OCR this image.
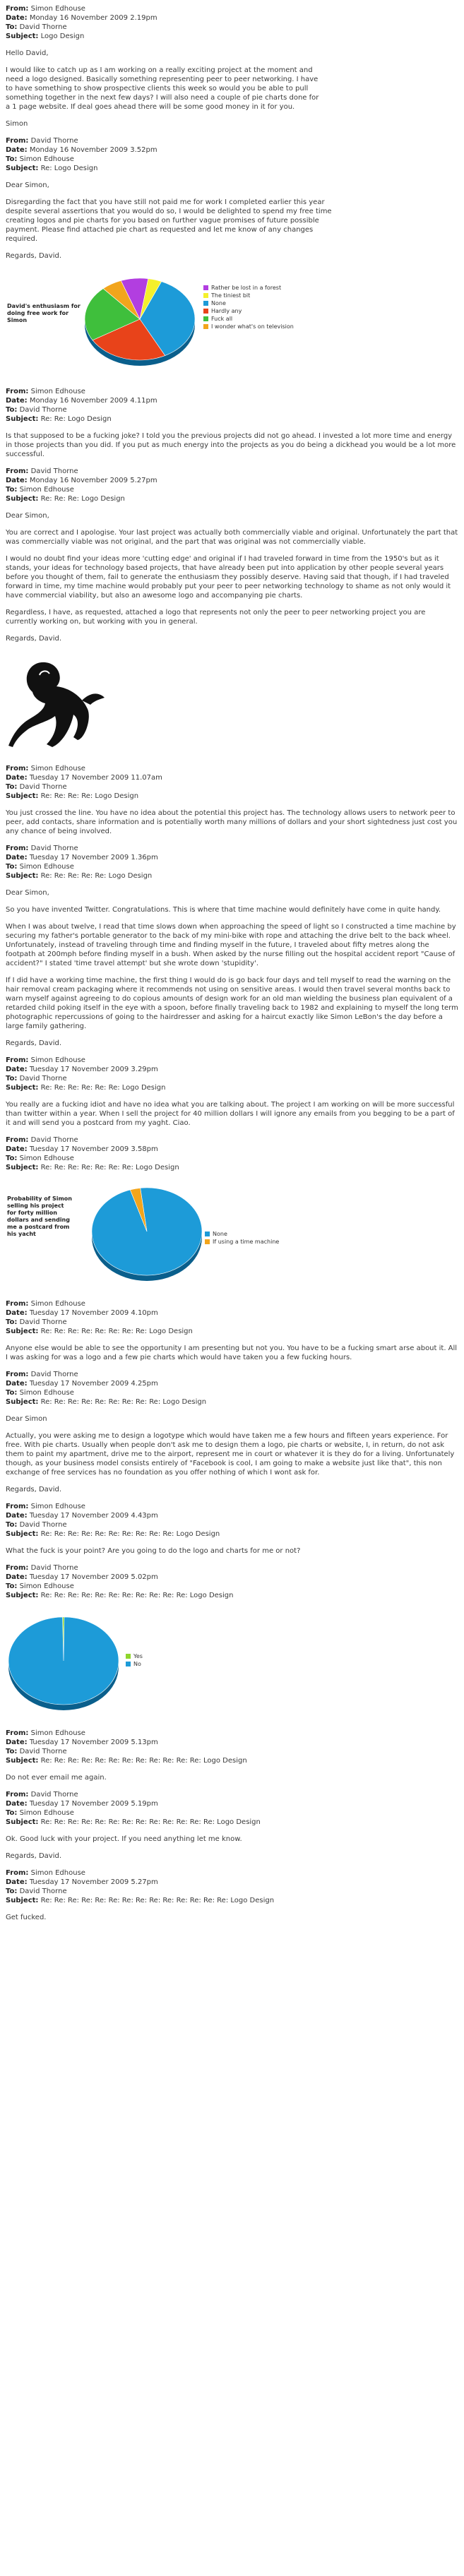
From: Simon Edhouse
Date: Monday 16 November 2009 2.19pm
To: David Thorne
Subject: Logo Design

Hello David,

I would like to catch up as I am working on a really exciting project at the moment and need a logo designed. Basically something representing peer to peer networking. I have to have something to show prospective clients this week so would you be able to pull something together in the next few days? I will also need a couple of pie charts done for a 1 page website. If deal goes ahead there will be some good money in it for you.

Simon

From: David Thorne
Date: Monday 16 November 2009 3.52pm
To: Simon Edhouse
Subject: Re: Logo Design

Dear Simon,

Disregarding the fact that you have still not paid me for work I completed earlier this year despite several assertions that you would do so, I would be delighted to spend my free time creating logos and pie charts for you based on further vague promises of future possible payment. Please find attached pie chart as requested and let me know of any changes required.

Regards, David.

Rather be lost in a forest
The tiniest bit
None
Hardly any
Fuck all
I wonder what's on television
David's enthusiasm for doing free work for Simon
From: Simon Edhouse
Date: Monday 16 November 2009 4.11pm
To: David Thorne
Subject: Re: Re: Logo Design

Is that supposed to be a fucking joke? I told you the previous projects did not go ahead. I invested a lot more time and energy in those projects than you did. If you put as much energy into the projects as you do being a dickhead you would be a lot more successful.

From: David Thorne
Date: Monday 16 November 2009 5.27pm
To: Simon Edhouse
Subject: Re: Re: Re: Logo Design

Dear Simon,

You are correct and I apologise. Your last project was actually both commercially viable and original. Unfortunately the part that was commercially viable was not original, and the part that was original was not commercially viable.

I would no doubt find your ideas more 'cutting edge' and original if I had traveled forward in time from the 1950's but as it stands, your ideas for technology based projects, that have already been put into application by other people several years before you thought of them, fail to generate the enthusiasm they possibly deserve. Having said that though, if I had traveled forward in time, my time machine would probably put your peer to peer networking technology to shame as not only would it have commercial viability, but also an awesome logo and accompanying pie charts.

Regardless, I have, as requested, attached a logo that represents not only the peer to peer networking project you are currently working on, but working with you in general.

Regards, David.

From: Simon Edhouse
Date: Tuesday 17 November 2009 11.07am
To: David Thorne
Subject: Re: Re: Re: Re: Logo Design

You just crossed the line. You have no idea about the potential this project has. The technology allows users to network peer to peer, add contacts, share information and is potentially worth many millions of dollars and your short sightedness just cost you any chance of being involved.

From: David Thorne
Date: Tuesday 17 November 2009 1.36pm
To: Simon Edhouse
Subject: Re: Re: Re: Re: Re: Logo Design

Dear Simon,

So you have invented Twitter. Congratulations. This is where that time machine would definitely have come in quite handy.

When I was about twelve, I read that time slows down when approaching the speed of light so I constructed a time machine by securing my father's portable generator to the back of my mini-bike with rope and attaching the drive belt to the back wheel. Unfortunately, instead of traveling through time and finding myself in the future, I traveled about fifty metres along the footpath at 200mph before finding myself in a bush. When asked by the nurse filling out the hospital accident report "Cause of accident?" I stated 'time travel attempt' but she wrote down 'stupidity'.

If I did have a working time machine, the first thing I would do is go back four days and tell myself to read the warning on the hair removal cream packaging where it recommends not using on sensitive areas. I would then travel several months back to warn myself against agreeing to do copious amounts of design work for an old man wielding the business plan equivalent of a retarded child poking itself in the eye with a spoon, before finally traveling back to 1982 and explaining to myself the long term photographic repercussions of going to the hairdresser and asking for a haircut exactly like Simon LeBon's the day before a large family gathering.

Regards, David.

From: Simon Edhouse
Date: Tuesday 17 November 2009 3.29pm
To: David Thorne
Subject: Re: Re: Re: Re: Re: Re: Logo Design

You really are a fucking idiot and have no idea what you are talking about. The project I am working on will be more successful than twitter within a year. When I sell the project for 40 million dollars I will ignore any emails from you begging to be a part of it and will send you a postcard from my yaght. Ciao.

From: David Thorne
Date: Tuesday 17 November 2009 3.58pm
To: Simon Edhouse
Subject: Re: Re: Re: Re: Re: Re: Re: Logo Design
None
If using a time machine
Probability of Simon selling his project for forty million dollars and sending me a postcard from his yacht
From: Simon Edhouse
Date: Tuesday 17 November 2009 4.10pm
To: David Thorne
Subject: Re: Re: Re: Re: Re: Re: Re: Re: Logo Design

Anyone else would be able to see the opportunity I am presenting but not you. You have to be a fucking smart arse about it. All I was asking for was a logo and a few pie charts which would have taken you a few fucking hours.

From: David Thorne
Date: Tuesday 17 November 2009 4.25pm
To: Simon Edhouse
Subject: Re: Re: Re: Re: Re: Re: Re: Re: Re: Logo Design

Dear Simon

Actually, you were asking me to design a logotype which would have taken me a few hours and fifteen years experience. For free. With pie charts. Usually when people don't ask me to design them a logo, pie charts or website, I, in return, do not ask them to paint my apartment, drive me to the airport, represent me in court or whatever it is they do for a living. Unfortunately though, as your business model consists entirely of "Facebook is cool, I am going to make a website just like that", this non exchange of free services has no foundation as you offer nothing of which I wont ask for.

Regards, David.

From: Simon Edhouse
Date: Tuesday 17 November 2009 4.43pm
To: David Thorne
Subject: Re: Re: Re: Re: Re: Re: Re: Re: Re: Re: Logo Design

What the fuck is your point? Are you going to do the logo and charts for me or not?

From: David Thorne
Date: Tuesday 17 November 2009 5.02pm
To: Simon Edhouse
Subject: Re: Re: Re: Re: Re: Re: Re: Re: Re: Re: Re: Logo Design
Yes
No
From: Simon Edhouse
Date: Tuesday 17 November 2009 5.13pm
To: David Thorne
Subject: Re: Re: Re: Re: Re: Re: Re: Re: Re: Re: Re: Re: Logo Design

Do not ever email me again.

From: David Thorne
Date: Tuesday 17 November 2009 5.19pm
To: Simon Edhouse
Subject: Re: Re: Re: Re: Re: Re: Re: Re: Re: Re: Re: Re: Re: Logo Design

Ok. Good luck with your project. If you need anything let me know.

Regards, David.

From: Simon Edhouse
Date: Tuesday 17 November 2009 5.27pm
To: David Thorne
Subject: Re: Re: Re: Re: Re: Re: Re: Re: Re: Re: Re: Re: Re: Re: Logo Design

Get fucked.
